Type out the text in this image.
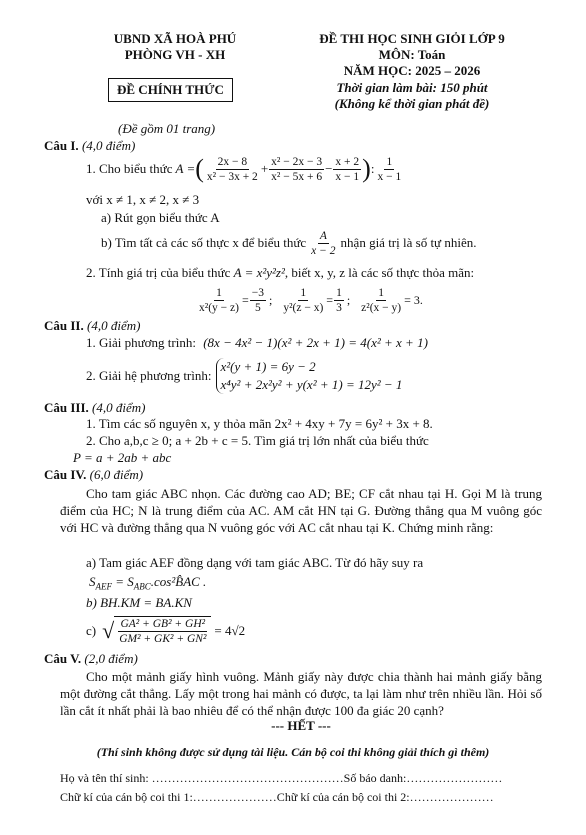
UBND XÃ HOÀ PHÚ
PHÒNG VH - XH
ĐỀ CHÍNH THỨC
(Đề gồm 01 trang)
ĐỀ THI HỌC SINH GIỎI LỚP 9
MÔN: Toán
NĂM HỌC: 2025 – 2026
Thời gian làm bài: 150 phút
(Không kể thời gian phát đề)
Câu I. (4,0 điểm)
1. Cho biểu thức A = ( $\frac{2x - 8}{\text{x² − 3x + 2}} + \frac{\text{x² − 2x − 3}}{\text{x² − 5x + 6}} - \frac{x + 2}{x - 1}$ ) : $\frac{1}{x - 1}$
với x ≠ 1, x ≠ 2, x ≠ 3
a) Rút gọn biểu thức A
b) Tìm tất cả các số thực x để biểu thức $\frac{A}{x - 2}$ nhận giá trị là số tự nhiên.
2. Tính giá trị của biểu thức A = x²y²z², biết x, y, z là các số thực thỏa mãn:
$\frac{1}{\text{x²(y − z)}} = \frac{-3}{5}$ ; $\frac{1}{\text{y²(z − x)}} = \frac{1}{3}$ ; $\frac{1}{\text{z²(x − y)}} = 3$.
Câu II. (4,0 điểm)
1. Giải phương trình: (8x − 4x² − 1)(x² + 2x + 1) = 4(x² + x + 1)
2. Giải hệ phương trình:
x²(y + 1) = 6y − 2
x⁴y² + 2x²y² + y(x² + 1) = 12y² − 1
Câu III. (4,0 điểm)
1. Tìm các số nguyên x, y thỏa mãn 2x² + 4xy + 7y = 6y² + 3x + 8.
2. Cho a,b,c ≥ 0; a + 2b + c = 5. Tìm giá trị lớn nhất của biểu thức
P = a + 2ab + abc
Câu IV. (6,0 điểm)
Cho tam giác ABC nhọn. Các đường cao AD; BE; CF cắt nhau tại H. Gọi M là trung điểm của HC; N là trung điểm của AC. AM cắt HN tại G. Đường thẳng qua M vuông góc với HC và đường thẳng qua N vuông góc với AC cắt nhau tại K. Chứng minh rằng:
a) Tam giác AEF đồng dạng với tam giác ABC. Từ đó hãy suy ra
$S_{AEF}$ = $S_{ABC}.\cos^2B̂AC$ .
b) BH.KM = BA.KN
c) √ $\frac{\text{GA² + GB² + GH²}}{\text{GM² + GK² + GN²}} = 4√2$
Câu V. (2,0 điểm)
Cho một mảnh giấy hình vuông. Mảnh giấy này được chia thành hai mảnh giấy bằng một đường cắt thẳng. Lấy một trong hai mảnh có được, ta lại làm như trên nhiều lần. Hỏi số lần cắt ít nhất phải là bao nhiêu để có thể nhận được 100 đa giác 20 cạnh?
--- HẾT ---
(Thí sinh không được sử dụng tài liệu. Cán bộ coi thi không giải thích gì thêm)
Họ và tên thí sinh: …………………………………………Số báo danh:……………………
Chữ kí của cán bộ coi thi 1:…………………Chữ kí của cán bộ coi thi 2:…………………
